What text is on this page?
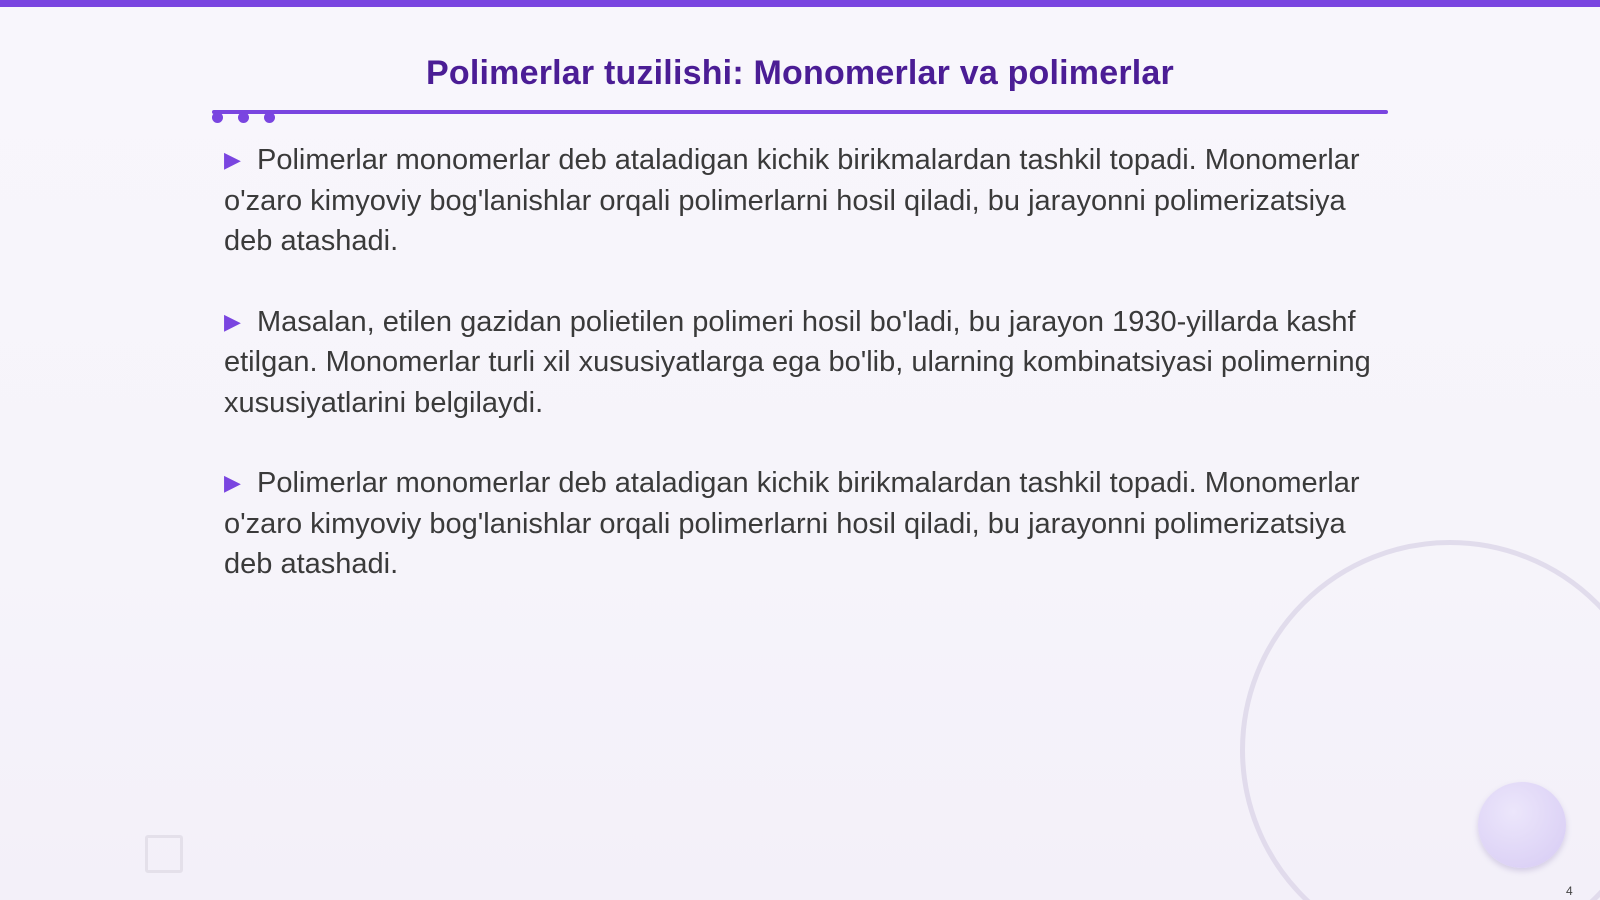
Polimerlar tuzilishi: Monomerlar va polimerlar
▶ Polimerlar monomerlar deb ataladigan kichik birikmalardan tashkil topadi. Monomerlar o'zaro kimyoviy bog'lanishlar orqali polimerlarni hosil qiladi, bu jarayonni polimerizatsiya deb atashadi.
▶ Masalan, etilen gazidan polietilen polimeri hosil bo'ladi, bu jarayon 1930-yillarda kashf etilgan. Monomerlar turli xil xususiyatlarga ega bo'lib, ularning kombinatsiyasi polimerning xususiyatlarini belgilaydi.
▶ Polimerlar monomerlar deb ataladigan kichik birikmalardan tashkil topadi. Monomerlar o'zaro kimyoviy bog'lanishlar orqali polimerlarni hosil qiladi, bu jarayonni polimerizatsiya deb atashadi.
4
